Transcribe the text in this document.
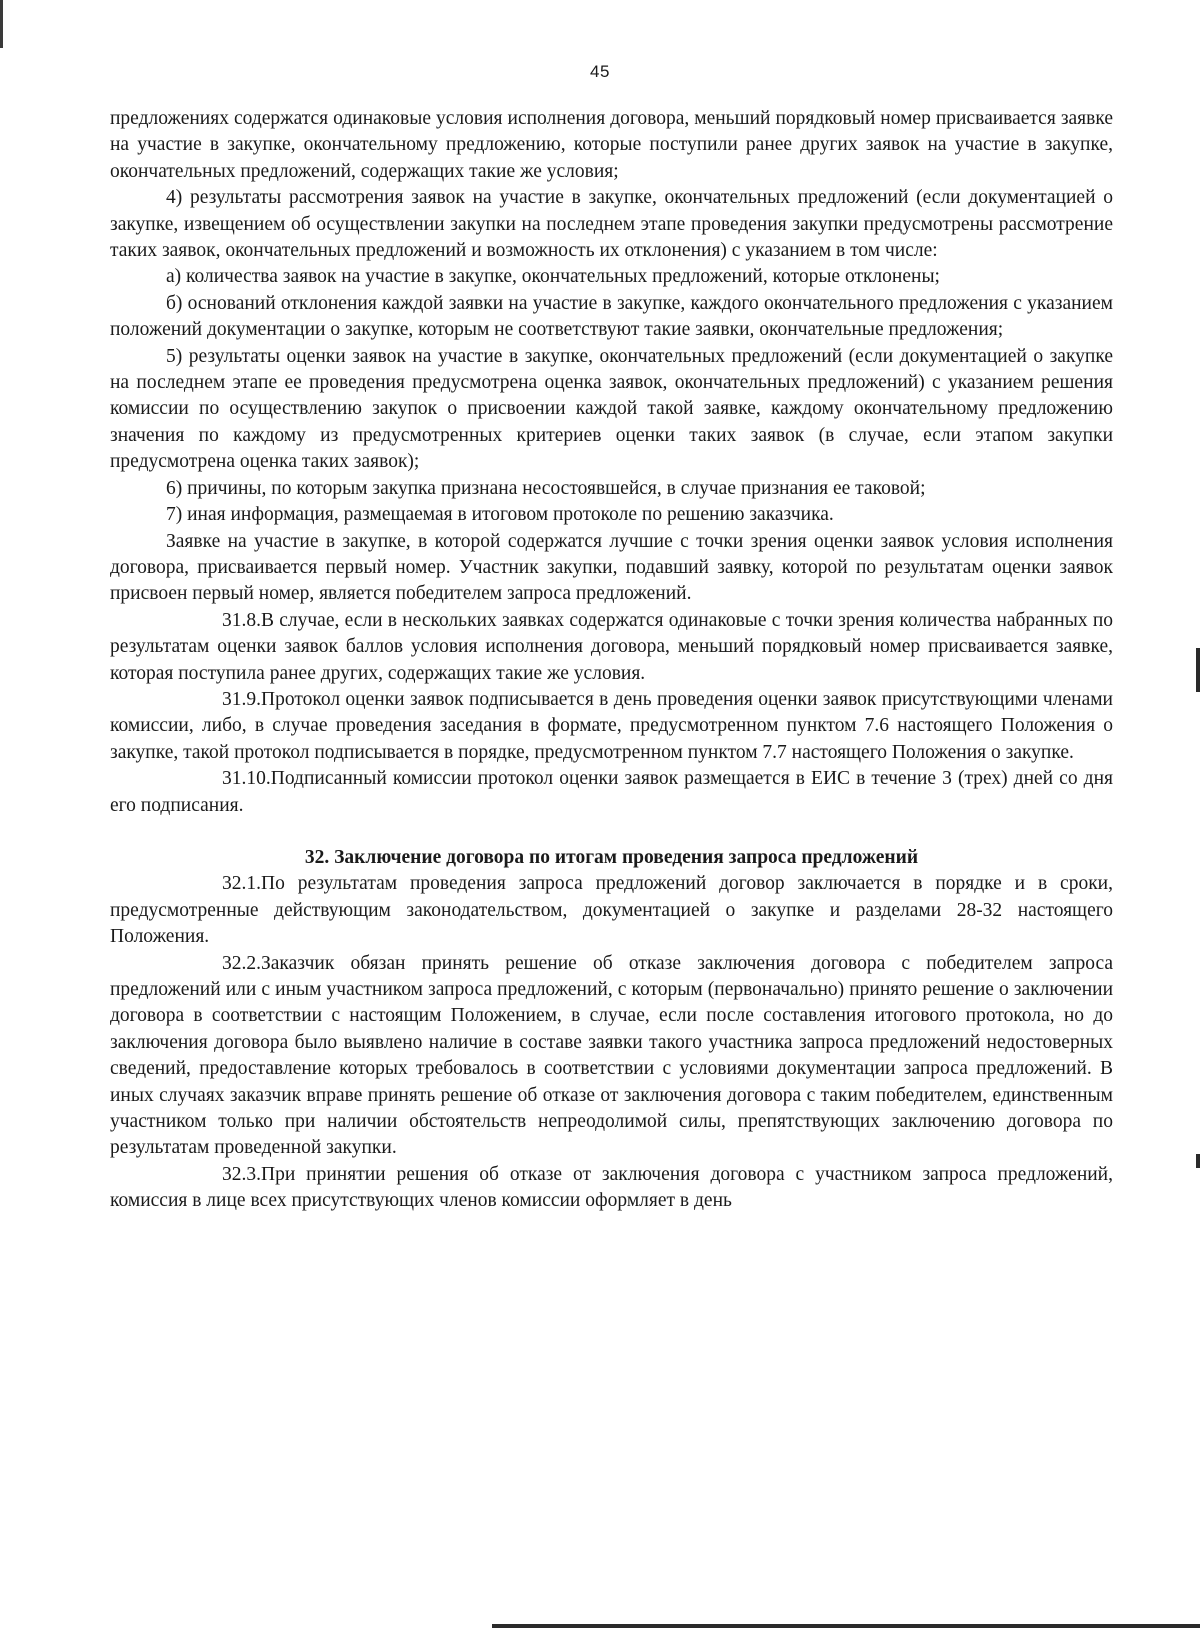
45
предложениях содержатся одинаковые условия исполнения договора, меньший порядковый номер присваивается заявке на участие в закупке, окончательному предложению, которые поступили ранее других заявок на участие в закупке, окончательных предложений, содержащих такие же условия;
4) результаты рассмотрения заявок на участие в закупке, окончательных предложений (если документацией о закупке, извещением об осуществлении закупки на последнем этапе проведения закупки предусмотрены рассмотрение таких заявок, окончательных предложений и возможность их отклонения) с указанием в том числе:
а) количества заявок на участие в закупке, окончательных предложений, которые отклонены;
б) оснований отклонения каждой заявки на участие в закупке, каждого окончательного предложения с указанием положений документации о закупке, которым не соответствуют такие заявки, окончательные предложения;
5) результаты оценки заявок на участие в закупке, окончательных предложений (если документацией о закупке на последнем этапе ее проведения предусмотрена оценка заявок, окончательных предложений) с указанием решения комиссии по осуществлению закупок о присвоении каждой такой заявке, каждому окончательному предложению значения по каждому из предусмотренных критериев оценки таких заявок (в случае, если этапом закупки предусмотрена оценка таких заявок);
6) причины, по которым закупка признана несостоявшейся, в случае признания ее таковой;
7) иная информация, размещаемая в итоговом протоколе по решению заказчика.
Заявке на участие в закупке, в которой содержатся лучшие с точки зрения оценки заявок условия исполнения договора, присваивается первый номер. Участник закупки, подавший заявку, которой по результатам оценки заявок присвоен первый номер, является победителем запроса предложений.
31.8.В случае, если в нескольких заявках содержатся одинаковые с точки зрения количества набранных по результатам оценки заявок баллов условия исполнения договора, меньший порядковый номер присваивается заявке, которая поступила ранее других, содержащих такие же условия.
31.9.Протокол оценки заявок подписывается в день проведения оценки заявок присутствующими членами комиссии, либо, в случае проведения заседания в формате, предусмотренном пунктом 7.6 настоящего Положения о закупке, такой протокол подписывается в порядке, предусмотренном пунктом 7.7 настоящего Положения о закупке.
31.10.Подписанный комиссии протокол оценки заявок размещается в ЕИС в течение 3 (трех) дней со дня его подписания.
32. Заключение договора по итогам проведения запроса предложений
32.1.По результатам проведения запроса предложений договор заключается в порядке и в сроки, предусмотренные действующим законодательством, документацией о закупке и разделами 28-32 настоящего Положения.
32.2.Заказчик обязан принять решение об отказе заключения договора с победителем запроса предложений или с иным участником запроса предложений, с которым (первоначально) принято решение о заключении договора в соответствии с настоящим Положением, в случае, если после составления итогового протокола, но до заключения договора было выявлено наличие в составе заявки такого участника запроса предложений недостоверных сведений, предоставление которых требовалось в соответствии с условиями документации запроса предложений. В иных случаях заказчик вправе принять решение об отказе от заключения договора с таким победителем, единственным участником только при наличии обстоятельств непреодолимой силы, препятствующих заключению договора по результатам проведенной закупки.
32.3.При принятии решения об отказе от заключения договора с участником запроса предложений, комиссия в лице всех присутствующих членов комиссии оформляет в день
